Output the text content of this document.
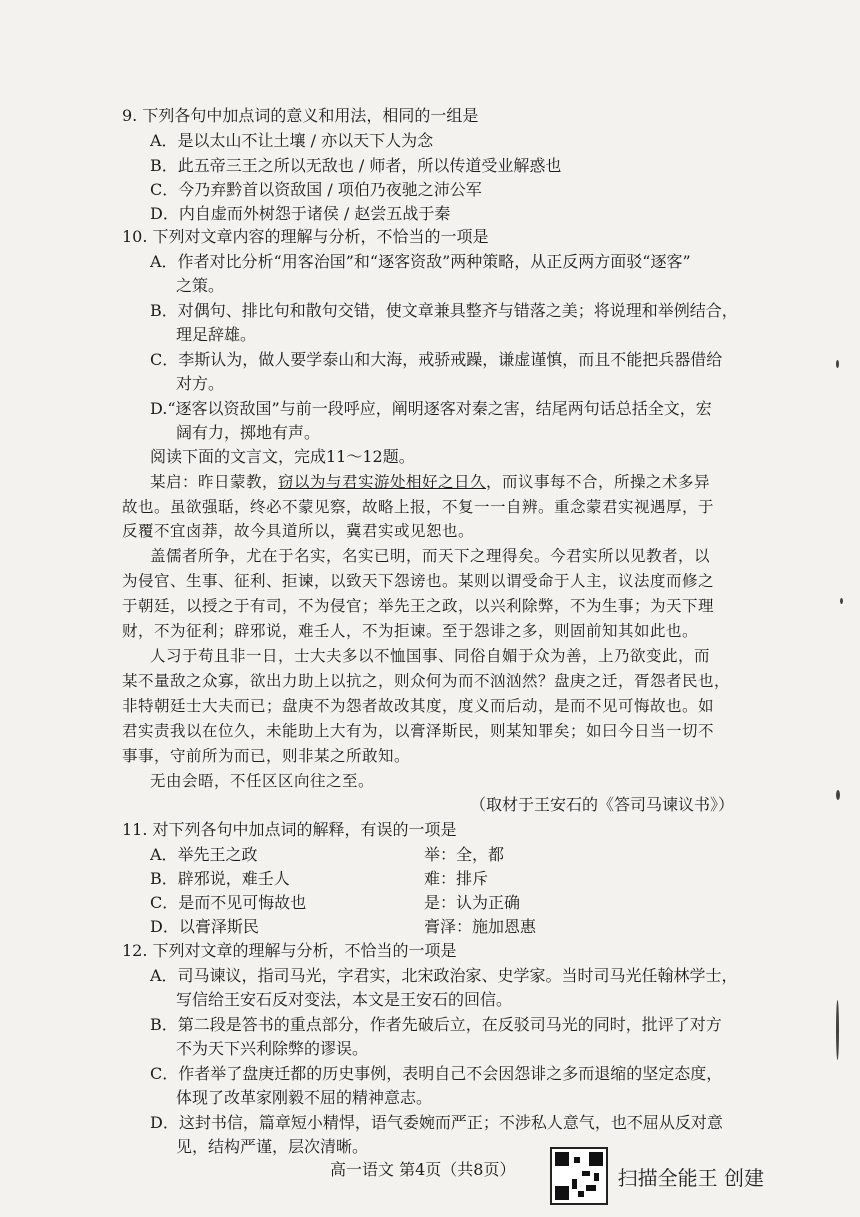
9. 下列各句中加点词的意义和用法，相同的一组是
A．是以太山不让土壤 / 亦以天下人为念
B．此五帝三王之所以无敌也 / 师者，所以传道受业解惑也
C．今乃弃黔首以资敌国 / 项伯乃夜驰之沛公军
D．内自虚而外树怨于诸侯 / 赵尝五战于秦
10. 下列对文章内容的理解与分析，不恰当的一项是
A．作者对比分析“用客治国”和“逐客资敌”两种策略，从正反两方面驳“逐客”
之策。
B．对偶句、排比句和散句交错，使文章兼具整齐与错落之美；将说理和举例结合，
理足辞雄。
C．李斯认为，做人要学泰山和大海，戒骄戒躁，谦虚谨慎，而且不能把兵器借给
对方。
D.“逐客以资敌国”与前一段呼应，阐明逐客对秦之害，结尾两句话总括全文，宏
阔有力，掷地有声。
阅读下面的文言文，完成11～12题。
某启：昨日蒙教，窃以为与君实游处相好之日久，而议事每不合，所操之术多异
故也。虽欲强聒，终必不蒙见察，故略上报，不复一一自辨。重念蒙君实视遇厚，于
反覆不宜卤莽，故今具道所以，冀君实或见恕也。
盖儒者所争，尤在于名实，名实已明，而天下之理得矣。今君实所以见教者，以
为侵官、生事、征利、拒谏，以致天下怨谤也。某则以谓受命于人主，议法度而修之
于朝廷，以授之于有司，不为侵官；举先王之政，以兴利除弊，不为生事；为天下理
财，不为征利；辟邪说，难壬人，不为拒谏。至于怨诽之多，则固前知其如此也。
人习于苟且非一日，士大夫多以不恤国事、同俗自媚于众为善，上乃欲变此，而
某不量敌之众寡，欲出力助上以抗之，则众何为而不汹汹然？盘庚之迁，胥怨者民也，
非特朝廷士大夫而已；盘庚不为怨者故改其度，度义而后动，是而不见可悔故也。如
君实责我以在位久，未能助上大有为，以膏泽斯民，则某知罪矣；如曰今日当一切不
事事，守前所为而已，则非某之所敢知。
无由会晤，不任区区向往之至。
（取材于王安石的《答司马谏议书》）
11. 对下列各句中加点词的解释，有误的一项是
A．举先王之政	举：全，都
B．辟邪说，难壬人	难：排斥
C．是而不见可悔故也	是：认为正确
D．以膏泽斯民	膏泽：施加恩惠
12. 下列对文章的理解与分析，不恰当的一项是
A．司马谏议，指司马光，字君实，北宋政治家、史学家。当时司马光任翰林学士，
写信给王安石反对变法，本文是王安石的回信。
B．第二段是答书的重点部分，作者先破后立，在反驳司马光的同时，批评了对方
不为天下兴利除弊的谬误。
C．作者举了盘庚迁都的历史事例，表明自己不会因怨诽之多而退缩的坚定态度，
体现了改革家刚毅不屈的精神意志。
D．这封书信，篇章短小精悍，语气委婉而严正；不涉私人意气，也不屈从反对意
见，结构严谨，层次清晰。
高一语文 第4页（共8页）	扫描全能王 创建
